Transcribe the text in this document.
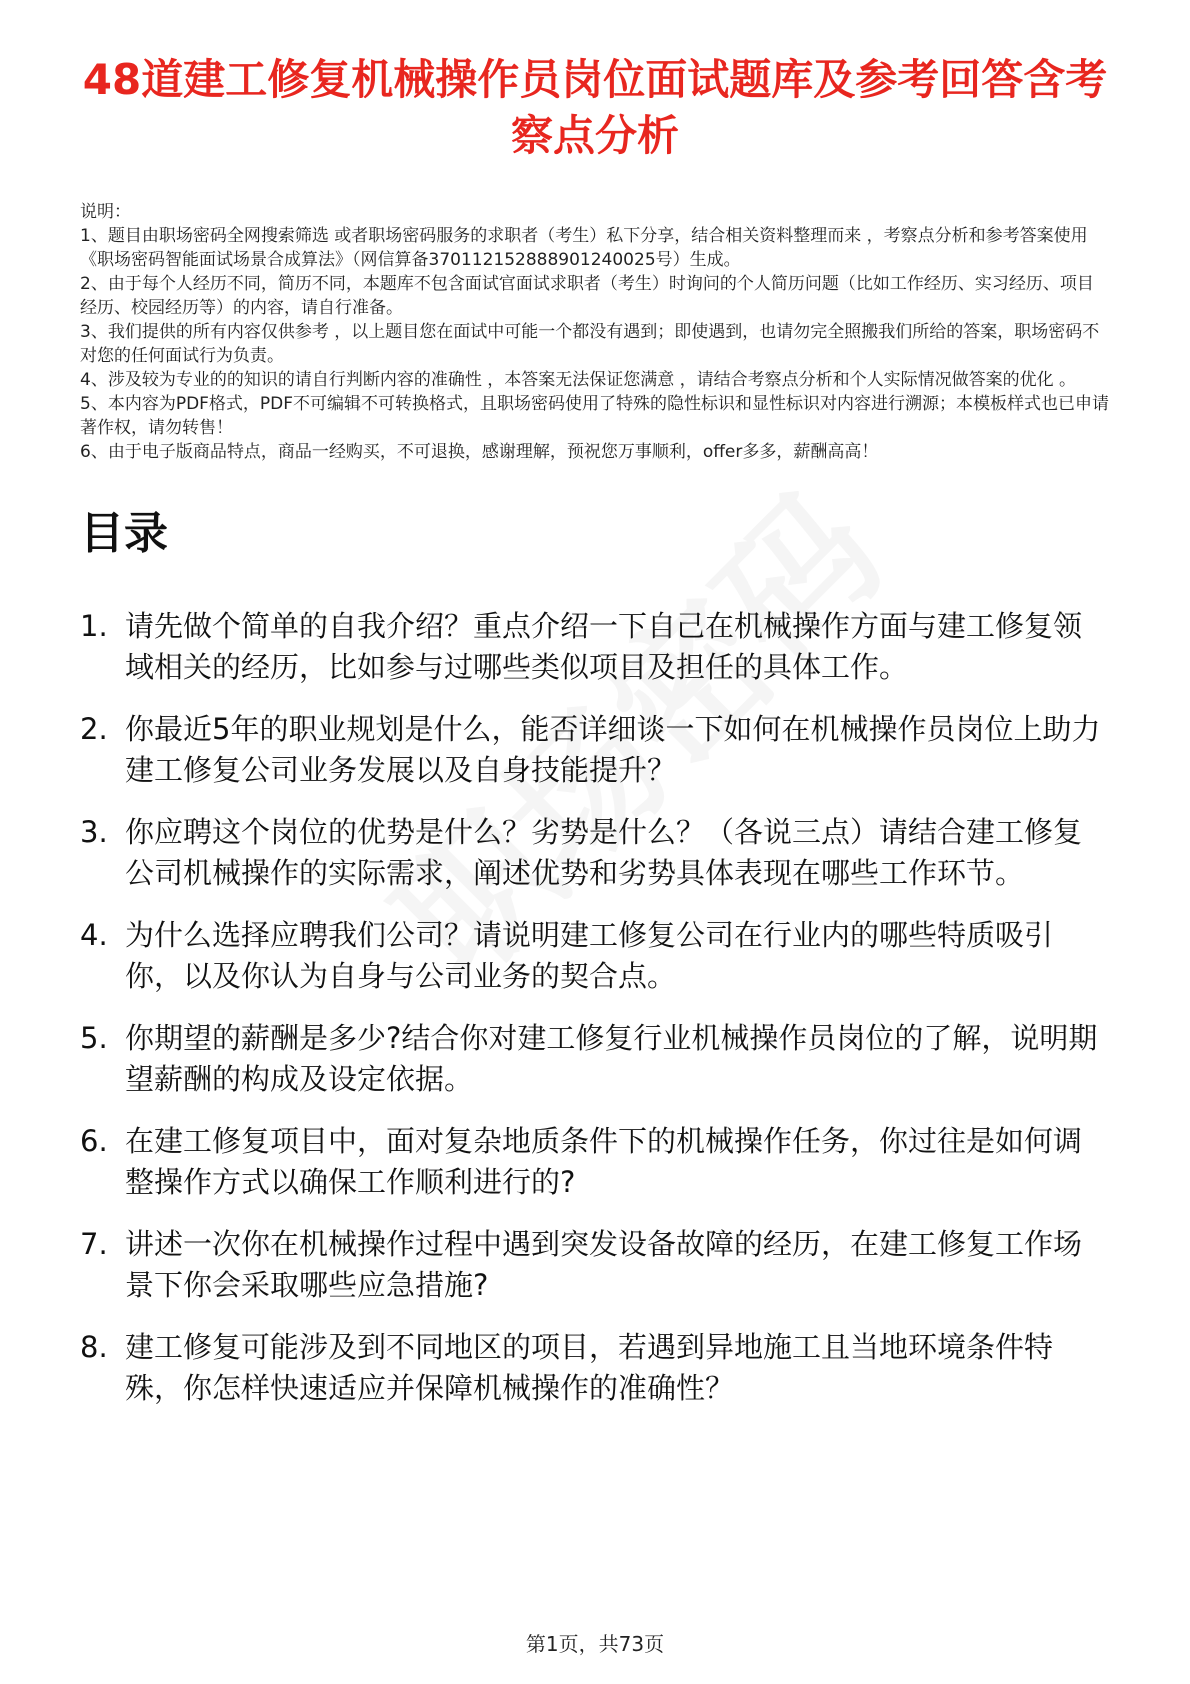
48道建工修复机械操作员岗位面试题库及参考回答含考察点分析

说明：

1、题目由职场密码全网搜索筛选 或者职场密码服务的求职者（考生）私下分享，结合相关资料整理而来 ，考察点分析和参考答案使用《职场密码智能面试场景合成算法》（网信算备370112152888901240025号）生成。

2、由于每个人经历不同，简历不同，本题库不包含面试官面试求职者（考生）时询问的个人简历问题（比如工作经历、实习经历、项目经历、校园经历等）的内容，请自行准备。

3、我们提供的所有内容仅供参考 ，以上题目您在面试中可能一个都没有遇到；即使遇到，也请勿完全照搬我们所给的答案，职场密码不对您的任何面试行为负责。

4、涉及较为专业的的知识的请自行判断内容的准确性 ，本答案无法保证您满意 ，请结合考察点分析和个人实际情况做答案的优化 。

5、本内容为PDF格式，PDF不可编辑不可转换格式，且职场密码使用了特殊的隐性标识和显性标识对内容进行溯源；本模板样式也已申请著作权，请勿转售！

6、由于电子版商品特点，商品一经购买，不可退换，感谢理解，预祝您万事顺利，offer多多，薪酬高高！

目录
1. 请先做个简单的自我介绍？重点介绍一下自己在机械操作方面与建工修复领域相关的经历，比如参与过哪些类似项目及担任的具体工作。
2. 你最近5年的职业规划是什么，能否详细谈一下如何在机械操作员岗位上助力建工修复公司业务发展以及自身技能提升？
3. 你应聘这个岗位的优势是什么？劣势是什么？（各说三点）请结合建工修复公司机械操作的实际需求，阐述优势和劣势具体表现在哪些工作环节。
4. 为什么选择应聘我们公司？请说明建工修复公司在行业内的哪些特质吸引你，以及你认为自身与公司业务的契合点。
5. 你期望的薪酬是多少?结合你对建工修复行业机械操作员岗位的了解，说明期望薪酬的构成及设定依据。
6. 在建工修复项目中，面对复杂地质条件下的机械操作任务，你过往是如何调整操作方式以确保工作顺利进行的?
7. 讲述一次你在机械操作过程中遇到突发设备故障的经历，在建工修复工作场景下你会采取哪些应急措施?
8. 建工修复可能涉及到不同地区的项目，若遇到异地施工且当地环境条件特殊，你怎样快速适应并保障机械操作的准确性？
第1页，共73页
